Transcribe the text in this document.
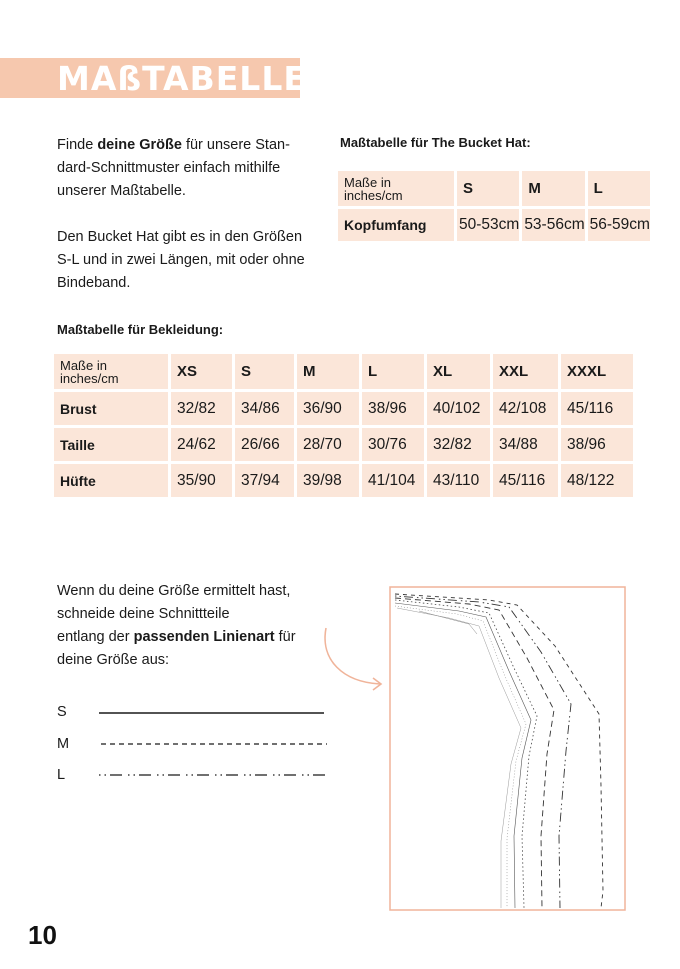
MAßTABELLE

Finde deine Größe für unsere Stan-

dard-Schnittmuster einfach mithilfe

unserer Maßtabelle.

Den Bucket Hat gibt es in den Größen

S-L und in zwei Längen, mit oder ohne

Bindeband.

Maßtabelle für The Bucket Hat:
Maße in
inches/cm	S	M	L
Kopfumfang	50-53cm	53-56cm	56-59cm
Maßtabelle für Bekleidung:
Maße in
inches/cm	XS	S	M	L	XL	XXL	XXXL
Brust	32/82	34/86	36/90	38/96	40/102	42/108	45/116
Taille	24/62	26/66	28/70	30/76	32/82	34/88	38/96
Hüfte	35/90	37/94	39/98	41/104	43/110	45/116	48/122

Wenn du deine Größe ermittelt hast,

schneide deine Schnittteile

entlang der passenden Linienart für

deine Größe aus:

S
M
L
10
